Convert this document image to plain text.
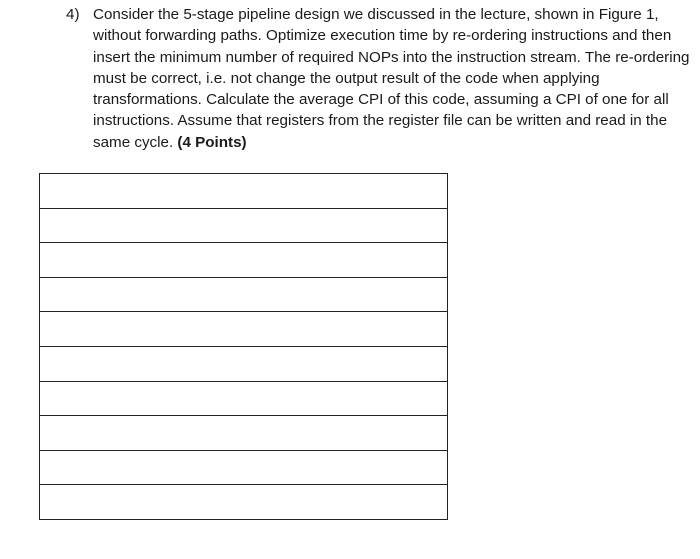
4) Consider the 5-stage pipeline design we discussed in the lecture, shown in Figure 1,
without forwarding paths. Optimize execution time by re-ordering instructions and then
insert the minimum number of required NOPs into the instruction stream. The re-ordering
must be correct, i.e. not change the output result of the code when applying
transformations. Calculate the average CPI of this code, assuming a CPI of one for all
instructions. Assume that registers from the register file can be written and read in the
same cycle. (4 Points)
